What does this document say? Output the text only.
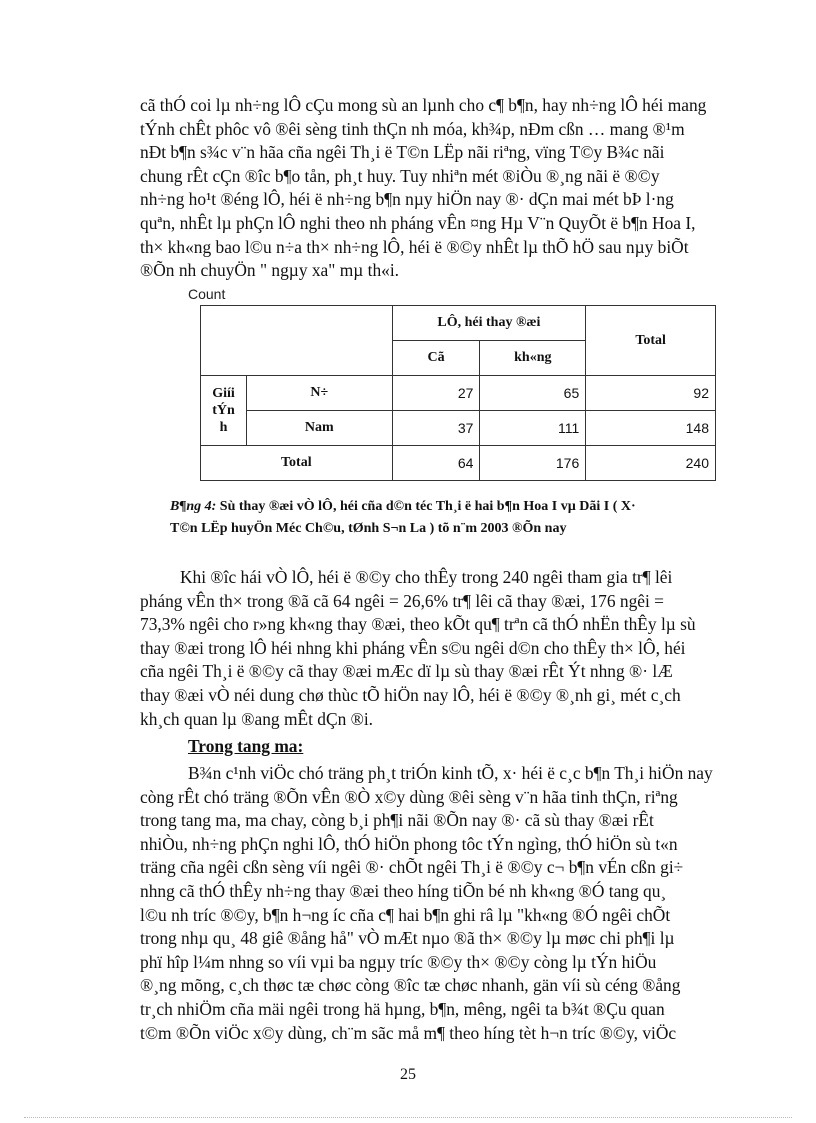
cã thÓ coi lµ nh÷ng lÔ cÇu mong sù an lµnh cho c¶ b¶n, hay nh÷ng lÔ héi mang
tÝnh chÊt phôc vô ®êi sèng tinh thÇn nh móa, kh¾p, nÐm cßn … mang ®¹m
nÐt b¶n s¾c v¨n hãa cña ngêi Th¸i ë T©n LËp nãi riªng, vïng T©y B¾c nãi
chung rÊt cÇn ®îc b¶o tån, ph¸t huy. Tuy nhiªn mét ®iÒu ®¸ng nãi ë ®©y
nh÷ng ho¹t ®éng lÔ, héi ë nh÷ng b¶n nµy hiÖn nay ®· dÇn mai mét bÞ l·ng
quªn, nhÊt lµ phÇn lÔ nghi theo nh pháng vÊn ¤ng Hµ V¨n QuyÕt ë b¶n Hoa I,
th× kh«ng bao l©u n÷a th× nh÷ng lÔ, héi ë ®©y nhÊt lµ thÕ hÖ sau nµy biÕt
®Õn nh chuyÖn " ngµy xa" mµ th«i.
Count
		LÔ, héi thay ®æi		Total
		Cã	kh«ng	
Giíi
tÝn
h	N÷	27	65	92
	Nam	37	111	148
Total		64	176	240
B¶ng 4: Sù thay ®æi vÒ lÔ, héi cña d©n téc Th¸i ë hai b¶n Hoa I vµ Dãi I ( X·
T©n LËp huyÖn Méc Ch©u, tØnh S¬n La ) tõ n¨m 2003 ®Õn nay
Khi ®îc hái vÒ lÔ, héi ë ®©y cho thÊy trong 240 ngêi tham gia tr¶ lêi
pháng vÊn th× trong ®ã cã 64 ngêi = 26,6% tr¶ lêi cã thay ®æi, 176 ngêi =
73,3% ngêi cho r»ng kh«ng thay ®æi, theo kÕt qu¶ trªn cã thÓ nhËn thÊy lµ sù
thay ®æi trong lÔ héi nhng khi pháng vÊn s©u ngêi d©n cho thÊy th× lÔ, héi
cña ngêi Th¸i ë ®©y cã thay ®æi mÆc dï lµ sù thay ®æi rÊt Ýt nhng ®· lÆ
thay ®æi vÒ néi dung chø thùc tÕ hiÖn nay lÔ, héi ë ®©y ®¸nh gi¸ mét c¸ch
kh¸ch quan lµ ®ang mÊt dÇn ®i.
Trong tang ma:
B¾n c¹nh viÖc chó träng ph¸t triÓn kinh tÕ, x· héi ë c¸c b¶n Th¸i hiÖn nay
còng rÊt chó träng ®Õn vÊn ®Ò x©y dùng ®êi sèng v¨n hãa tinh thÇn, riªng
trong tang ma, ma chay, còng b¸i ph¶i nãi ®Õn nay ®· cã sù thay ®æi rÊt
nhiÒu, nh÷ng phÇn nghi lÔ, thÓ hiÖn phong tôc tÝn ngìng, thÓ hiÖn sù t«n
träng cña ngêi cßn sèng víi ngêi ®· chÕt ngêi Th¸i ë ®©y c¬ b¶n vÉn cßn gi÷
nhng cã thÓ thÊy nh÷ng thay ®æi theo híng tiÕn bé nh kh«ng ®Ó tang qu¸
l©u nh tríc ®©y, b¶n h¬ng íc cña c¶ hai b¶n ghi râ lµ "kh«ng ®Ó ngêi chÕt
trong nhµ qu¸ 48 giê ®ång hå" vÒ mÆt nµo ®ã th× ®©y lµ møc chi ph¶i lµ
phï hîp l¼m nhng so víi vµi ba ngµy tríc ®©y th× ®©y còng lµ tÝn hiÖu
®¸ng mõng, c¸ch thøc tæ chøc còng ®îc tæ chøc nhanh, gän víi sù céng ®ång
tr¸ch nhiÖm cña mäi ngêi trong hä hµng, b¶n, mêng, ngêi ta b¾t ®Çu quan
t©m ®Õn viÖc x©y dùng, ch¨m sãc må m¶ theo híng tèt h¬n tríc ®©y, viÖc
25
